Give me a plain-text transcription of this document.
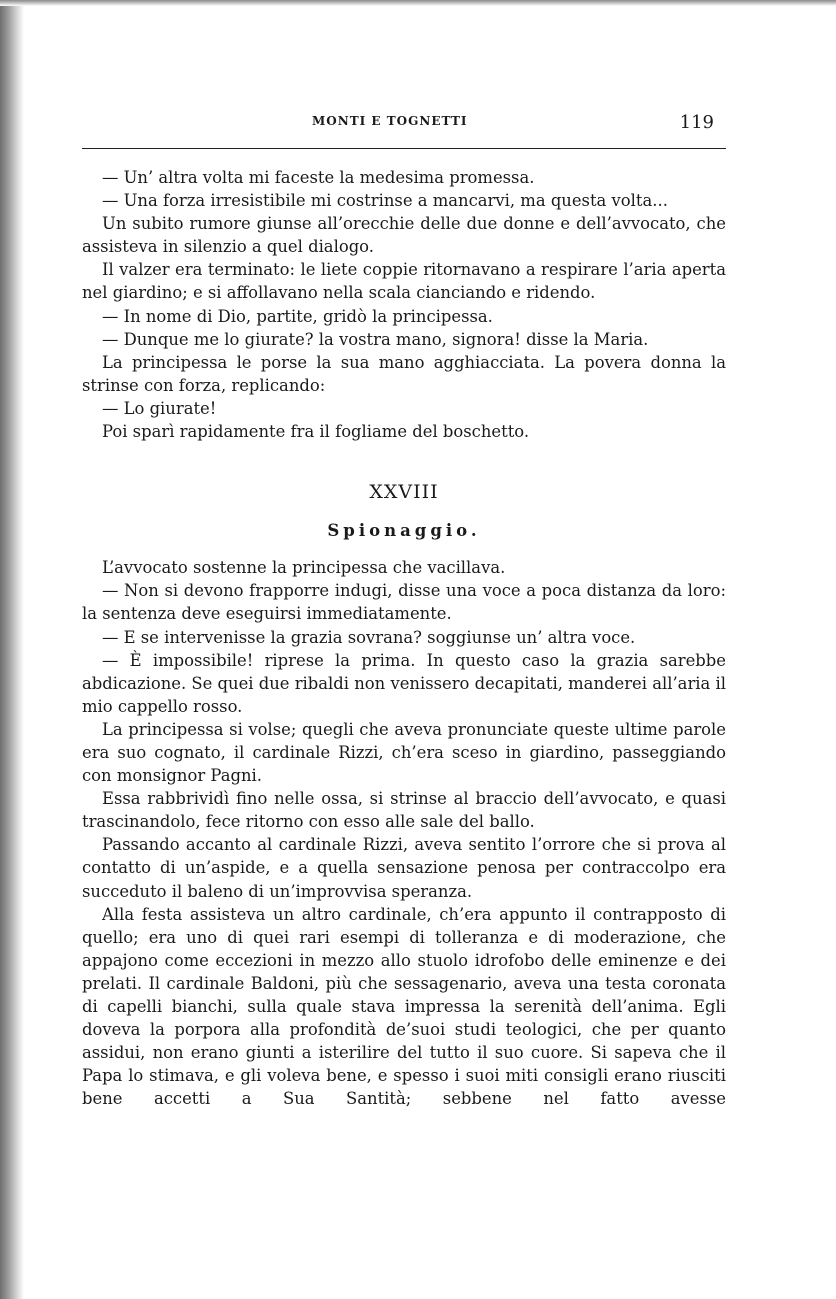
MONTI E TOGNETTI	119

— Un’ altra volta mi faceste la medesima promessa.

— Una forza irresistibile mi costrinse a mancarvi, ma questa volta...

Un subito rumore giunse all’orecchie delle due donne e dell’avvocato, che assisteva in silenzio a quel dialogo.

Il valzer era terminato: le liete coppie ritornavano a respirare l’aria aperta nel giardino; e si affollavano nella scala cianciando e ridendo.

— In nome di Dio, partite, gridò la principessa.

— Dunque me lo giurate? la vostra mano, signora! disse la Maria.

La principessa le porse la sua mano agghiacciata. La povera donna la strinse con forza, replicando:

— Lo giurate!

Poi sparì rapidamente fra il fogliame del boschetto.

XXVIII

Spionaggio.

L’avvocato sostenne la principessa che vacillava.

— Non si devono frapporre indugi, disse una voce a poca distanza da loro: la sentenza deve eseguirsi immediatamente.

— E se intervenisse la grazia sovrana? soggiunse un’ altra voce.

— È impossibile! riprese la prima. In questo caso la grazia sarebbe abdicazione. Se quei due ribaldi non venissero decapitati, manderei all’aria il mio cappello rosso.

La principessa si volse; quegli che aveva pronunciate queste ultime parole era suo cognato, il cardinale Rizzi, ch’era sceso in giardino, passeggiando con monsignor Pagni.

Essa rabbrividì fino nelle ossa, si strinse al braccio dell’avvocato, e quasi trascinandolo, fece ritorno con esso alle sale del ballo.

Passando accanto al cardinale Rizzi, aveva sentito l’orrore che si prova al contatto di un’aspide, e a quella sensazione penosa per contraccolpo era succeduto il baleno di un’improvvisa speranza.

Alla festa assisteva un altro cardinale, ch’era appunto il contrapposto di quello; era uno di quei rari esempi di tolleranza e di moderazione, che appajono come eccezioni in mezzo allo stuolo idrofobo delle eminenze e dei prelati. Il cardinale Baldoni, più che sessagenario, aveva una testa coronata di capelli bianchi, sulla quale stava impressa la serenità dell’anima. Egli doveva la porpora alla profondità de’suoi studi teologici, che per quanto assidui, non erano giunti a isterilire del tutto il suo cuore. Si sapeva che il Papa lo stimava, e gli voleva bene, e spesso i suoi miti consigli erano riusciti bene accetti a Sua Santità; sebbene nel fatto avesse
